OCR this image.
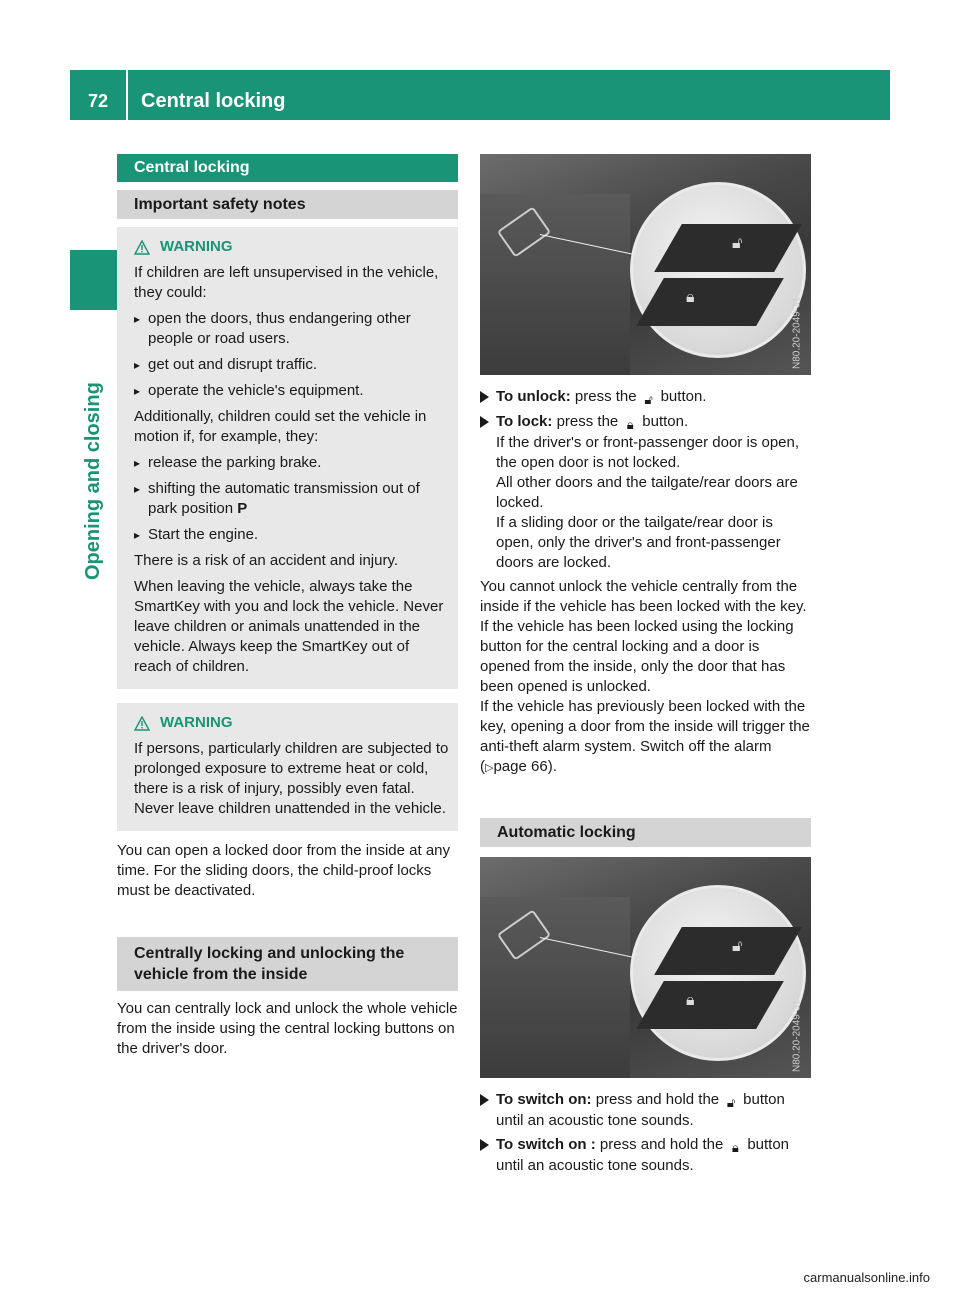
72	Central locking
Opening and closing
Central locking
Important safety notes
WARNING

If children are left unsupervised in the vehicle, they could:

▸ open the doors, thus endangering other people or road users.

▸ get out and disrupt traffic.

▸ operate the vehicle's equipment.

Additionally, children could set the vehicle in motion if, for example, they:

▸ release the parking brake.

▸ shifting the automatic transmission out of park position P

▸ Start the engine.

There is a risk of an accident and injury.

When leaving the vehicle, always take the SmartKey with you and lock the vehicle. Never leave children or animals unattended in the vehicle. Always keep the SmartKey out of reach of children.

WARNING

If persons, particularly children are subjected to prolonged exposure to extreme heat or cold, there is a risk of injury, possibly even fatal. Never leave children unattended in the vehicle.

You can open a locked door from the inside at any time. For the sliding doors, the child-proof locks must be deactivated.

Centrally locking and unlocking the vehicle from the inside

You can centrally lock and unlock the whole vehicle from the inside using the central locking buttons on the driver's door.

🔓︎
🔒︎	N80.20-2049-31

To unlock: press the 🔓︎ button.

To lock: press the 🔒︎ button.

If the driver's or front-passenger door is open, the open door is not locked.

All other doors and the tailgate/rear doors are locked.

If a sliding door or the tailgate/rear door is open, only the driver's and front-passenger doors are locked.

You cannot unlock the vehicle centrally from the inside if the vehicle has been locked with the key.

If the vehicle has been locked using the locking button for the central locking and a door is opened from the inside, only the door that has been opened is unlocked.

If the vehicle has previously been locked with the key, opening a door from the inside will trigger the anti-theft alarm system. Switch off the alarm (▷page 66).

Automatic locking
🔓︎
🔒︎	N80.20-2049-31

To switch on: press and hold the 🔓︎ button until an acoustic tone sounds.

To switch on : press and hold the 🔒︎ button until an acoustic tone sounds.

carmanualsonline.info
